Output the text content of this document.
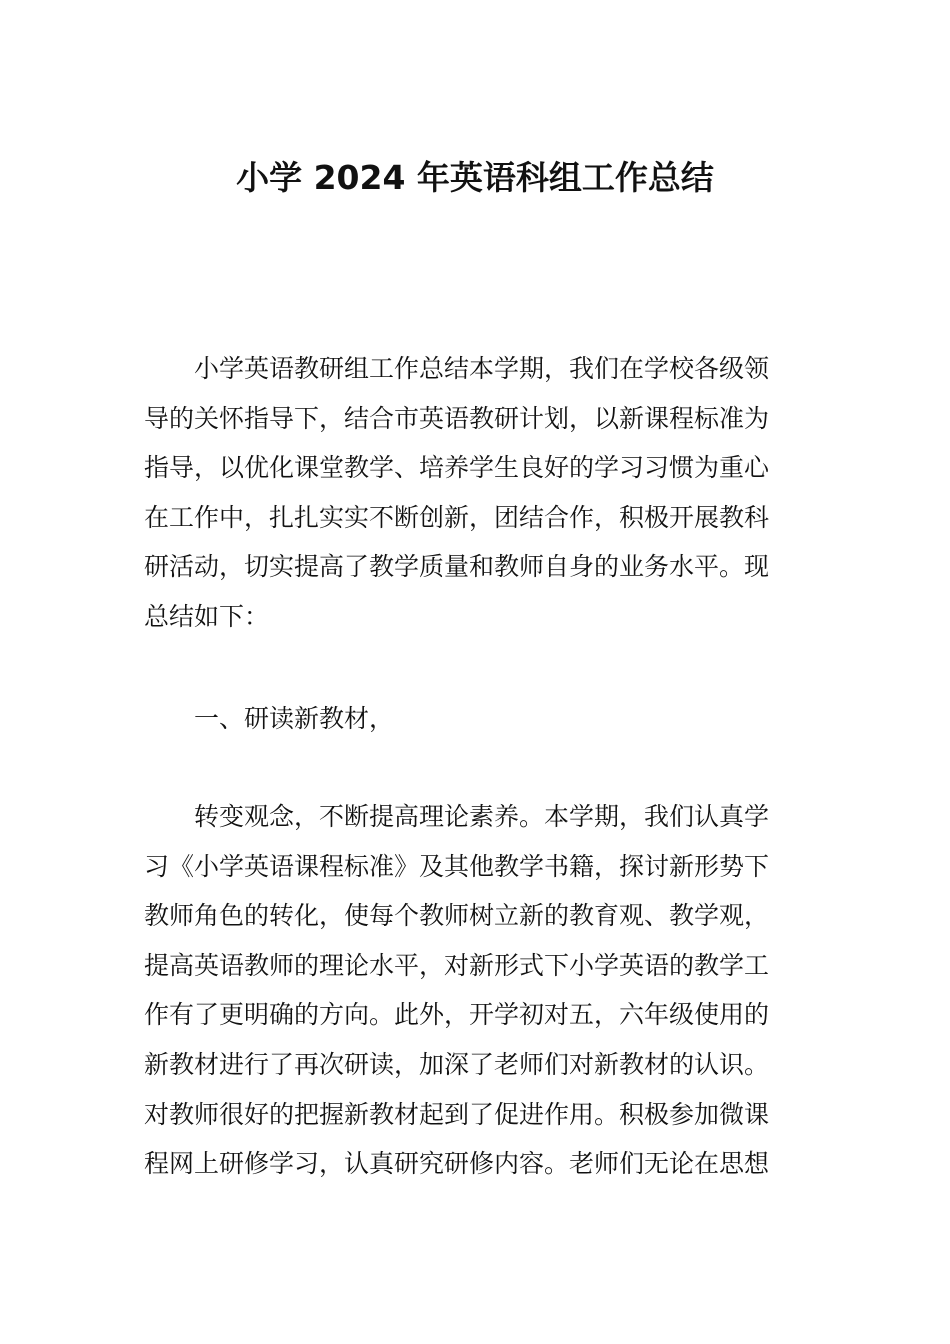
小学 2024 年英语科组工作总结
　　小学英语教研组工作总结本学期，我们在学校各级领
导的关怀指导下，结合市英语教研计划，以新课程标准为
指导，以优化课堂教学、培养学生良好的学习习惯为重心
在工作中，扎扎实实不断创新，团结合作，积极开展教科
研活动，切实提高了教学质量和教师自身的业务水平。现
总结如下：
　　一、研读新教材，
　　转变观念，不断提高理论素养。本学期，我们认真学
习《小学英语课程标准》及其他教学书籍，探讨新形势下
教师角色的转化，使每个教师树立新的教育观、教学观，
提高英语教师的理论水平，对新形式下小学英语的教学工
作有了更明确的方向。此外，开学初对五，六年级使用的
新教材进行了再次研读，加深了老师们对新教材的认识。
对教师很好的把握新教材起到了促进作用。积极参加微课
程网上研修学习，认真研究研修内容。老师们无论在思想
